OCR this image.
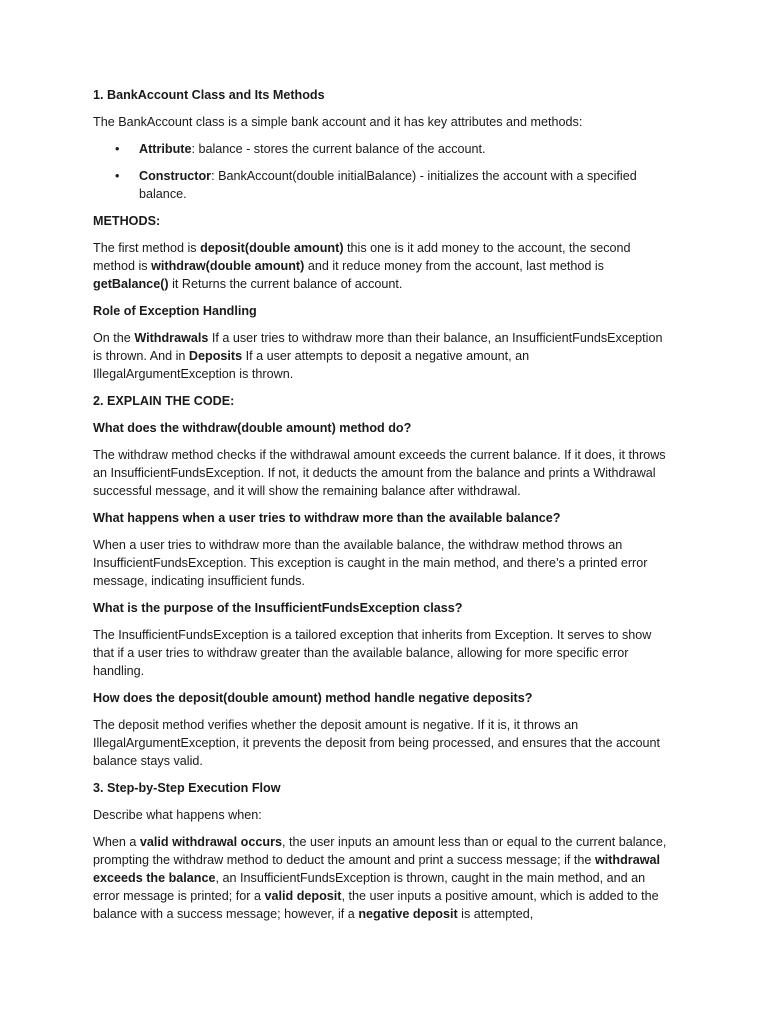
1. BankAccount Class and Its Methods

The BankAccount class is a simple bank account and it has key attributes and methods:

• Attribute: balance - stores the current balance of the account.
• Constructor: BankAccount(double initialBalance) - initializes the account with a specified balance.

METHODS:

The first method is deposit(double amount) this one is it add money to the account, the second method is withdraw(double amount) and it reduce money from the account, last method is getBalance() it Returns the current balance of account.

Role of Exception Handling

On the Withdrawals If a user tries to withdraw more than their balance, an InsufficientFundsException is thrown. And in Deposits If a user attempts to deposit a negative amount, an IllegalArgumentException is thrown.

2. EXPLAIN THE CODE:

What does the withdraw(double amount) method do?

The withdraw method checks if the withdrawal amount exceeds the current balance. If it does, it throws an InsufficientFundsException. If not, it deducts the amount from the balance and prints a Withdrawal successful message, and it will show the remaining balance after withdrawal.

What happens when a user tries to withdraw more than the available balance?

When a user tries to withdraw more than the available balance, the withdraw method throws an InsufficientFundsException. This exception is caught in the main method, and there’s a printed error message, indicating insufficient funds.

What is the purpose of the InsufficientFundsException class?

The InsufficientFundsException is a tailored exception that inherits from Exception. It serves to show that if a user tries to withdraw greater than the available balance, allowing for more specific error handling.

How does the deposit(double amount) method handle negative deposits?

The deposit method verifies whether the deposit amount is negative. If it is, it throws an IllegalArgumentException, it prevents the deposit from being processed, and ensures that the account balance stays valid.

3. Step-by-Step Execution Flow

Describe what happens when:

When a valid withdrawal occurs, the user inputs an amount less than or equal to the current balance, prompting the withdraw method to deduct the amount and print a success message; if the withdrawal exceeds the balance, an InsufficientFundsException is thrown, caught in the main method, and an error message is printed; for a valid deposit, the user inputs a positive amount, which is added to the balance with a success message; however, if a negative deposit is attempted,
